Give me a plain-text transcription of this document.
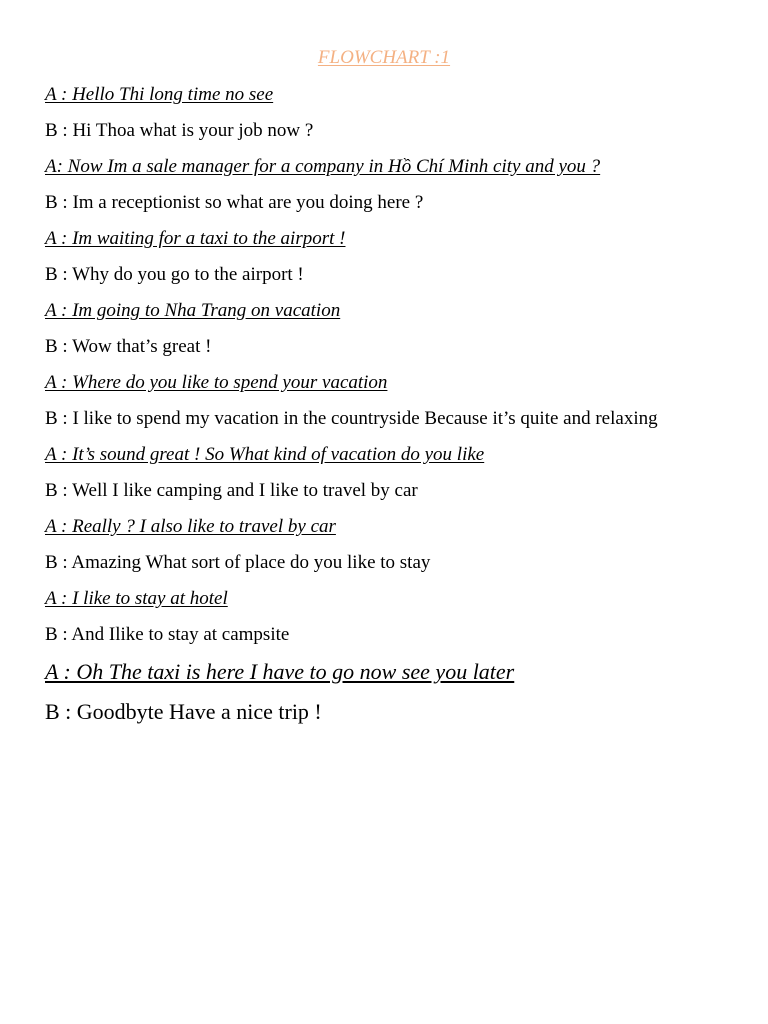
FLOWCHART :1

A : Hello Thi long time no see

B : Hi Thoa what is your job now ?

A: Now Im a sale manager for a company in Hồ Chí Minh city and you ?

B : Im a receptionist so what are you doing here ?

A : Im waiting for a taxi to the airport !

B : Why do you go to the airport !

A : Im going to Nha Trang on vacation

B : Wow that’s great !

A : Where do you like to spend your vacation

B : I like to spend my vacation in the countryside Because it’s quite and relaxing

A : It’s sound great ! So What kind of vacation do you like

B : Well I like camping and I like to travel by car

A : Really ? I also like to travel by car

B : Amazing What sort of place do you like to stay

A : I like to stay at hotel

B : And Ilike to stay at campsite

A : Oh The taxi is here I have to go now see you later

B : Goodbyte Have a nice trip !
